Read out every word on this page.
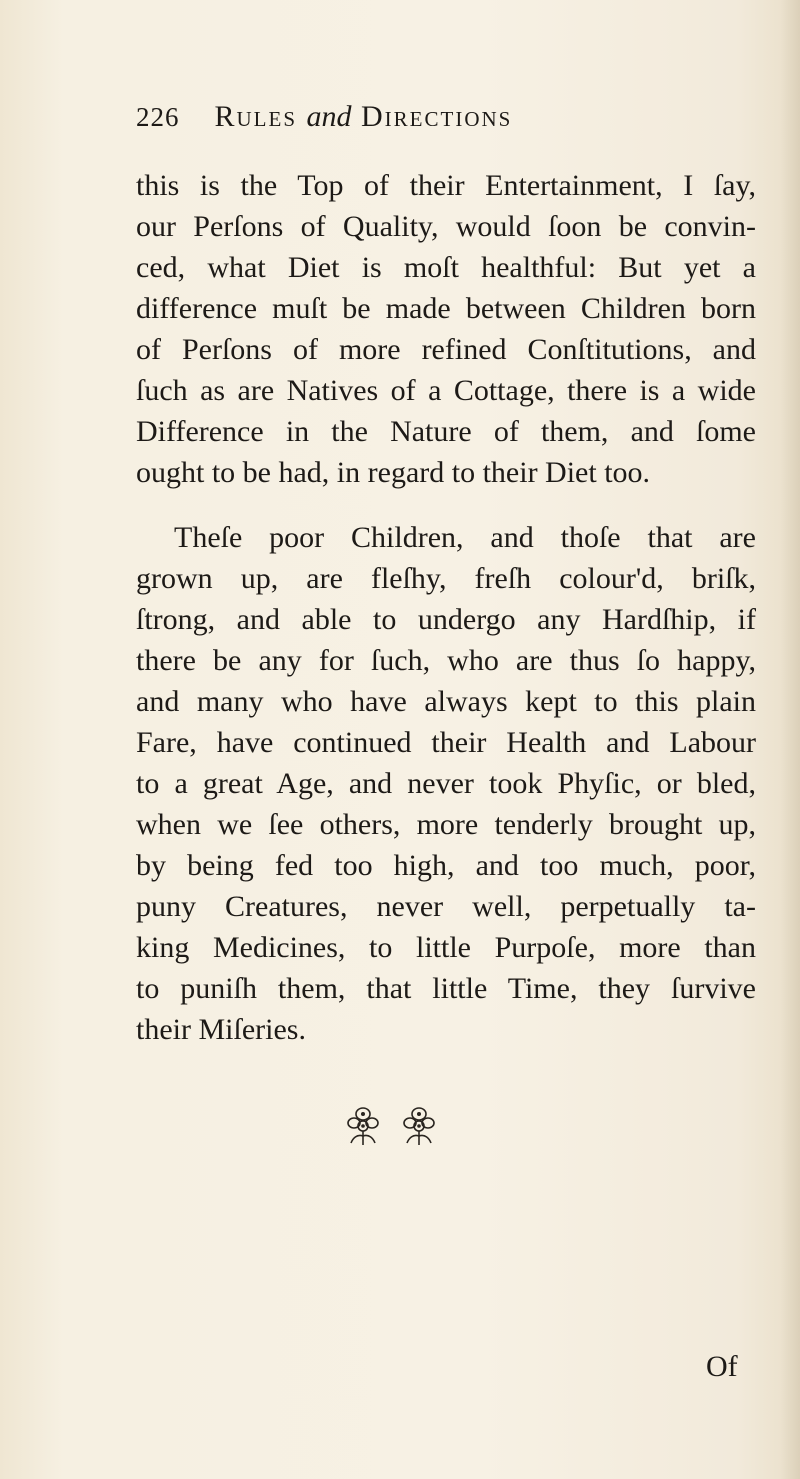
226 Rules and Directions
this is the Top of their Entertainment, I ſay,
our Perſons of Quality, would ſoon be convin-
ced, what Diet is moſt healthful: But yet a
difference muſt be made between Children born
of Perſons of more refined Conſtitutions, and
ſuch as are Natives of a Cottage, there is a wide
Difference in the Nature of them, and ſome
ought to be had, in regard to their Diet too.
Theſe poor Children, and thoſe that are
grown up, are fleſhy, freſh colour'd, briſk,
ſtrong, and able to undergo any Hardſhip, if
there be any for ſuch, who are thus ſo happy,
and many who have always kept to this plain
Fare, have continued their Health and Labour
to a great Age, and never took Phyſic, or bled,
when we ſee others, more tenderly brought up,
by being fed too high, and too much, poor,
puny Creatures, never well, perpetually ta-
king Medicines, to little Purpoſe, more than
to puniſh them, that little Time, they ſurvive
their Miſeries.
Of
